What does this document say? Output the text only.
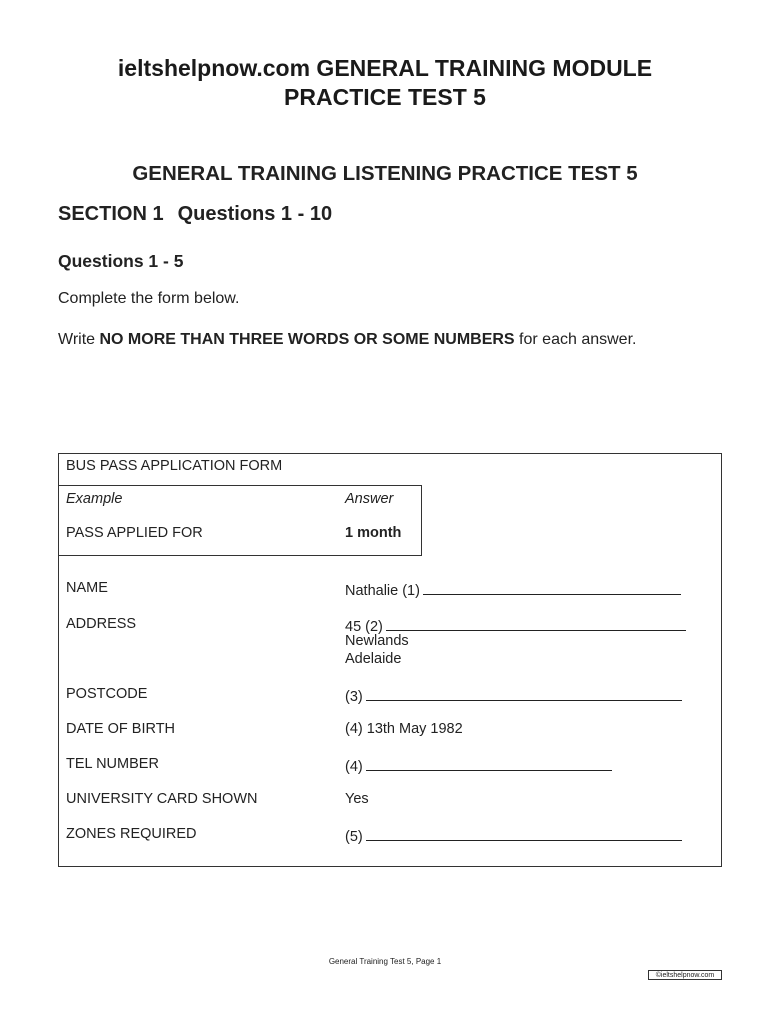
ieltshelpnow.com GENERAL TRAINING MODULE
PRACTICE TEST 5
GENERAL TRAINING LISTENING PRACTICE TEST 5
SECTION 1 Questions 1 - 10
Questions 1 - 5
Complete the form below.
Write NO MORE THAN THREE WORDS OR SOME NUMBERS for each answer.
BUS PASS APPLICATION FORM
Example	Answer
PASS APPLIED FOR	1 month
NAME	Nathalie (1)
ADDRESS	45 (2)
Newlands
Adelaide
POSTCODE	(3)
DATE OF BIRTH	(4) 13th May 1982
TEL NUMBER	(4)
UNIVERSITY CARD SHOWN	Yes
ZONES REQUIRED	(5)
General Training Test 5, Page 1
©ieltshelpnow.com
